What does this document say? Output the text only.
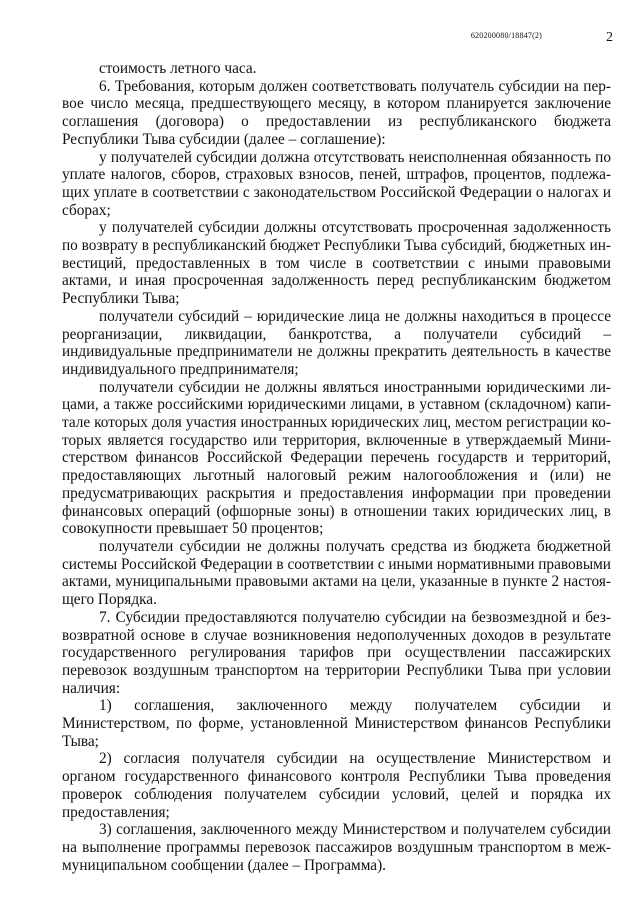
620200080/18847(2)	2

стоимость летного часа.

6. Требования, которым должен соответствовать получатель субсидии на первое число месяца, предшествующего месяцу, в котором планируется заключение соглашения (договора) о предоставлении из республиканского бюджета Республики Тыва субсидии (далее – соглашение):

у получателей субсидии должна отсутствовать неисполненная обязанность по уплате налогов, сборов, страховых взносов, пеней, штрафов, процентов, подлежащих уплате в соответствии с законодательством Российской Федерации о налогах и сборах;

у получателей субсидии должны отсутствовать просроченная задолженность по возврату в республиканский бюджет Республики Тыва субсидий, бюджетных инвестиций, предоставленных в том числе в соответствии с иными правовыми актами, и иная просроченная задолженность перед республиканским бюджетом Республики Тыва;

получатели субсидий – юридические лица не должны находиться в процессе реорганизации, ликвидации, банкротства, а получатели субсидий – индивидуальные предприниматели не должны прекратить деятельность в качестве индивидуального предпринимателя;

получатели субсидии не должны являться иностранными юридическими лицами, а также российскими юридическими лицами, в уставном (складочном) капитале которых доля участия иностранных юридических лиц, местом регистрации которых является государство или территория, включенные в утверждаемый Министерством финансов Российской Федерации перечень государств и территорий, предоставляющих льготный налоговый режим налогообложения и (или) не предусматривающих раскрытия и предоставления информации при проведении финансовых операций (офшорные зоны) в отношении таких юридических лиц, в совокупности превышает 50 процентов;

получатели субсидии не должны получать средства из бюджета бюджетной системы Российской Федерации в соответствии с иными нормативными правовыми актами, муниципальными правовыми актами на цели, указанные в пункте 2 настоящего Порядка.

7. Субсидии предоставляются получателю субсидии на безвозмездной и безвозвратной основе в случае возникновения недополученных доходов в результате государственного регулирования тарифов при осуществлении пассажирских перевозок воздушным транспортом на территории Республики Тыва при условии наличия:

1) соглашения, заключенного между получателем субсидии и Министерством, по форме, установленной Министерством финансов Республики Тыва;

2) согласия получателя субсидии на осуществление Министерством и органом государственного финансового контроля Республики Тыва проведения проверок соблюдения получателем субсидии условий, целей и порядка их предоставления;

3) соглашения, заключенного между Министерством и получателем субсидии на выполнение программы перевозок пассажиров воздушным транспортом в межмуниципальном сообщении (далее – Программа).
